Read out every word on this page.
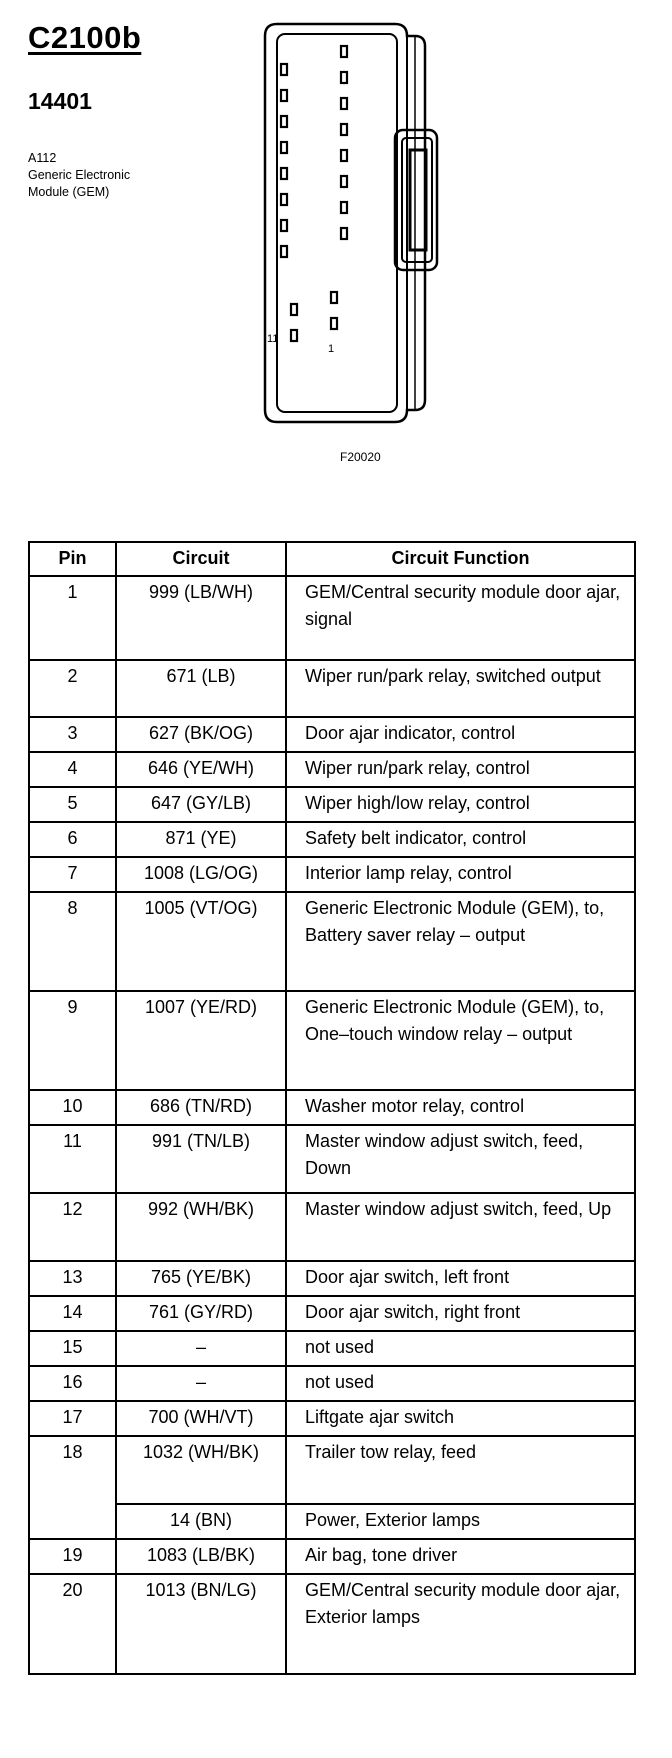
C2100b
14401
A112
Generic Electronic
Module (GEM)
11
1
F20020
Pin	Circuit	Circuit Function
1	999 (LB/WH)	GEM/Central security module door ajar, signal
2	671 (LB)	Wiper run/park relay, switched output
3	627 (BK/OG)	Door ajar indicator, control
4	646 (YE/WH)	Wiper run/park relay, control
5	647 (GY/LB)	Wiper high/low relay, control
6	871 (YE)	Safety belt indicator, control
7	1008 (LG/OG)	Interior lamp relay, control
8	1005 (VT/OG)	Generic Electronic Module (GEM), to, Battery saver relay – output
9	1007 (YE/RD)	Generic Electronic Module (GEM), to, One–touch window relay – output
10	686 (TN/RD)	Washer motor relay, control
11	991 (TN/LB)	Master window adjust switch, feed, Down
12	992 (WH/BK)	Master window adjust switch, feed, Up
13	765 (YE/BK)	Door ajar switch, left front
14	761 (GY/RD)	Door ajar switch, right front
15	–	not used
16	–	not used
17	700 (WH/VT)	Liftgate ajar switch
18	1032 (WH/BK)	Trailer tow relay, feed
	14 (BN)	Power, Exterior lamps
19	1083 (LB/BK)	Air bag, tone driver
20	1013 (BN/LG)	GEM/Central security module door ajar, Exterior lamps
